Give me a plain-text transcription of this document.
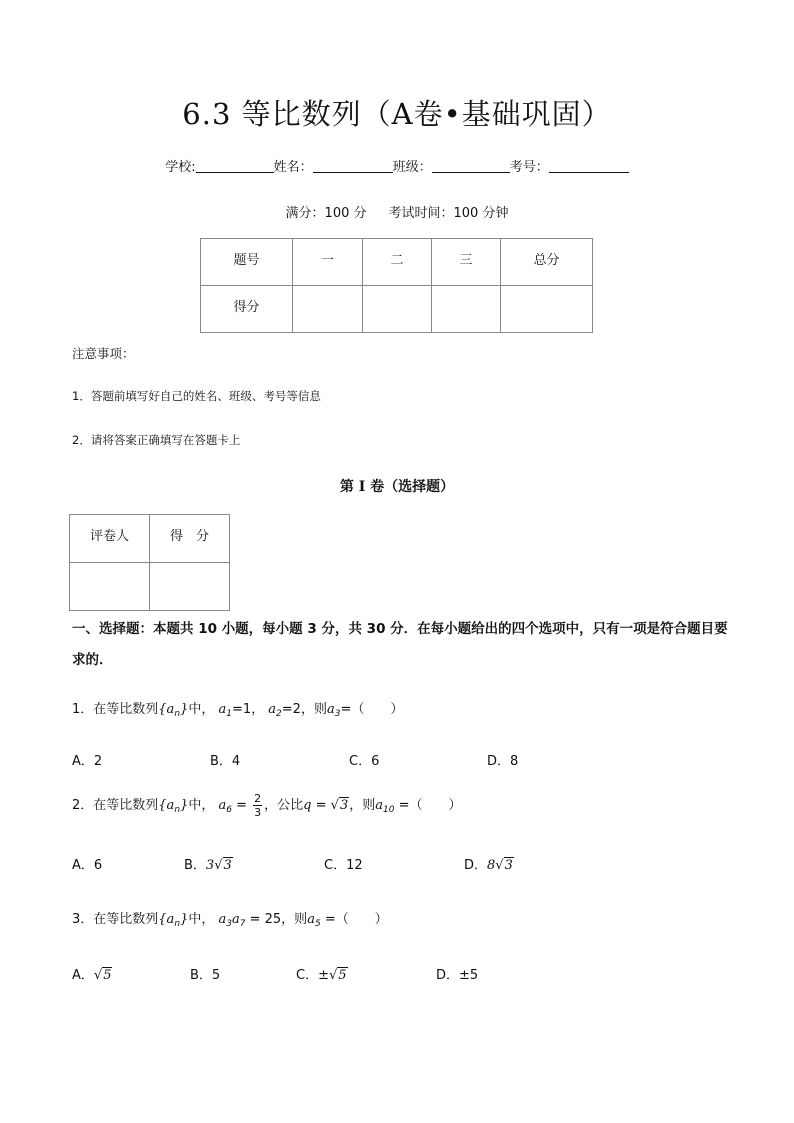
6.3 等比数列（A卷•基础巩固）
学校:	姓名：	班级：	考号：
满分：100 分 考试时间：100 分钟
题号	一	二	三	总分
得分				
注意事项：
1．答题前填写好自己的姓名、班级、考号等信息
2．请将答案正确填写在答题卡上
第 I 卷（选择题）
评卷人	得　分

一、选择题：本题共 10 小题，每小题 3 分，共 30 分．在每小题给出的四个选项中，只有一项是符合题目要求的．
1．在等比数列$\{a_n\}$中， $a_1=1$， $a_2=2$，则$a_3=$（　　）
A．2	B．4	C．6	D．8
2．在等比数列$\{a_n\}$中， $a_6 = \frac{2}{3}$ ，公比q = √3，则$a_{10}$ =（　　）
A．6	B．3√3	C．12	D．8√3
3．在等比数列$\{a_n\}$中， $a_3a_7 = 25$，则$a_5$ =（　　）
A．√5	B．5	C．±√5	D．±5
